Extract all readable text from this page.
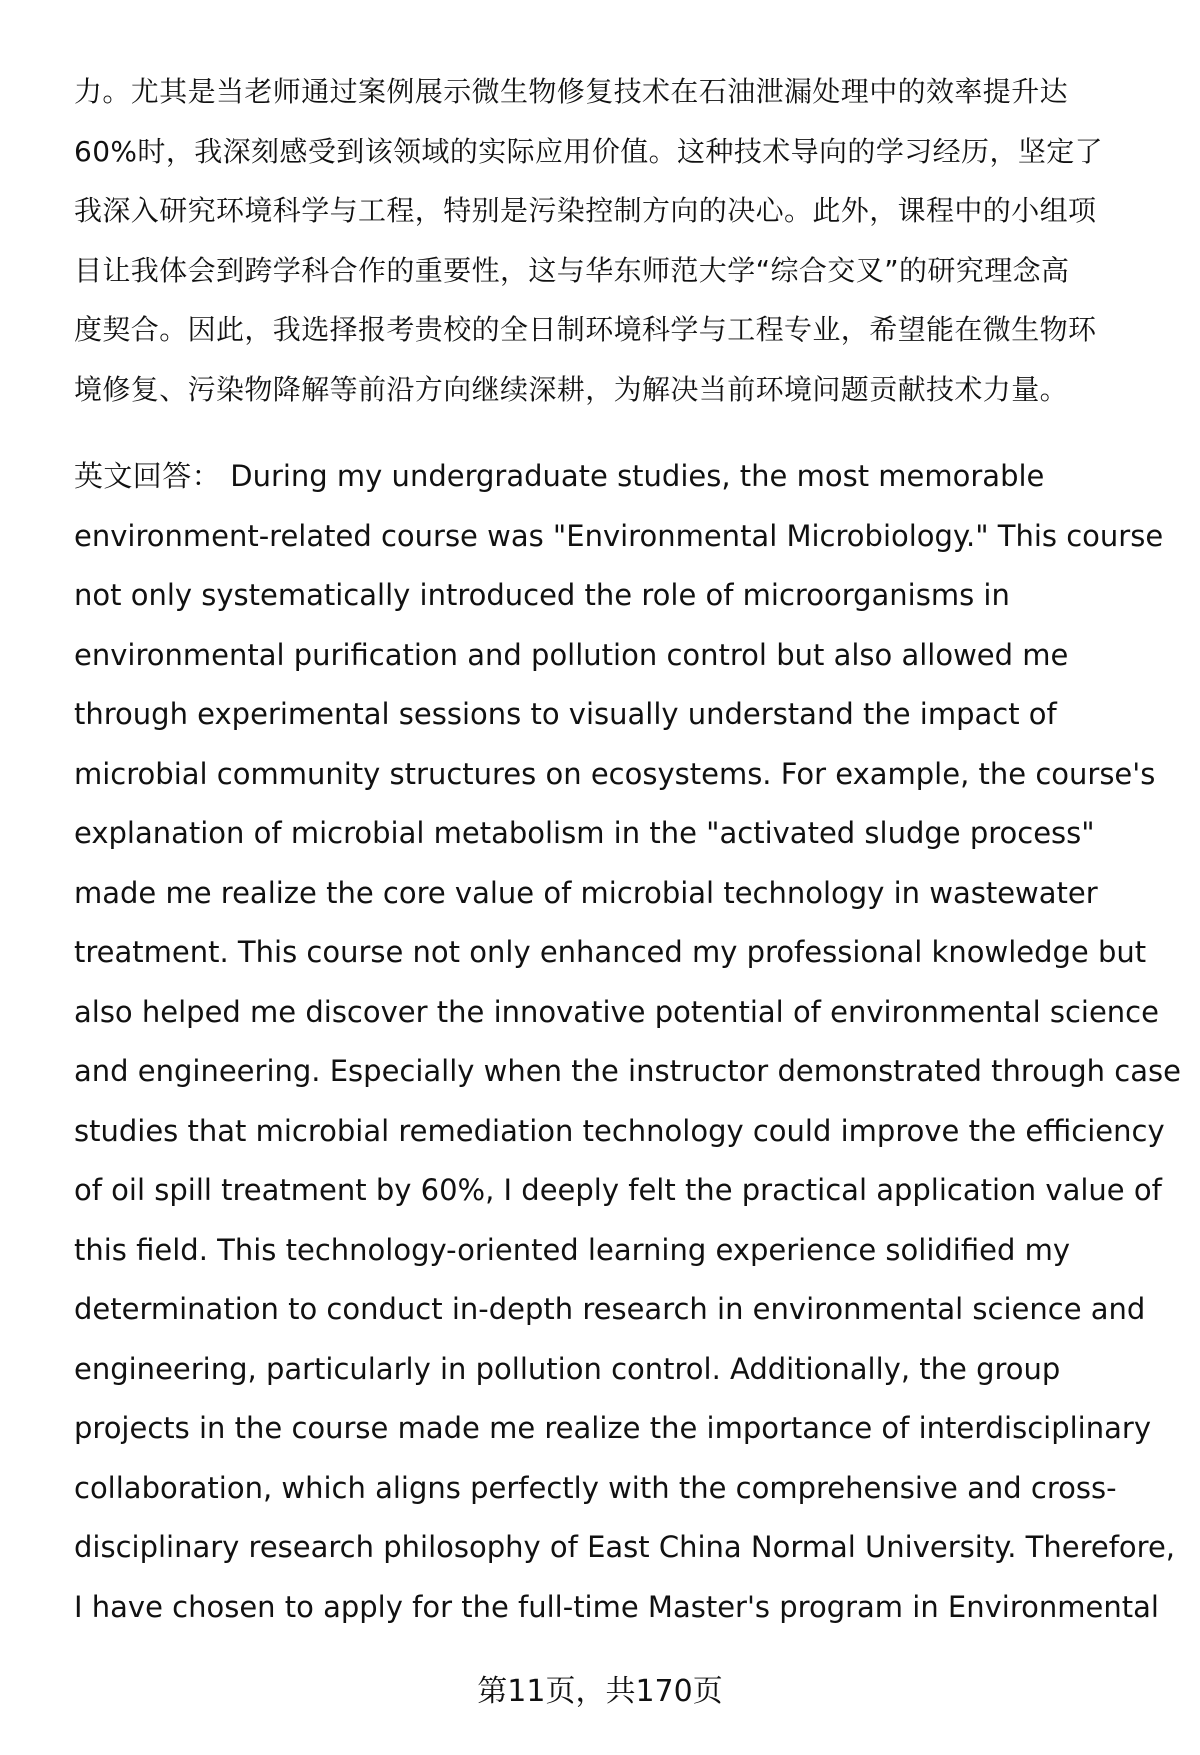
力。尤其是当老师通过案例展示微生物修复技术在石油泄漏处理中的效率提升达
60%时，我深刻感受到该领域的实际应用价值。这种技术导向的学习经历，坚定了
我深入研究环境科学与工程，特别是污染控制方向的决心。此外，课程中的小组项
目让我体会到跨学科合作的重要性，这与华东师范大学“综合交叉”的研究理念高
度契合。因此，我选择报考贵校的全日制环境科学与工程专业，希望能在微生物环
境修复、污染物降解等前沿方向继续深耕，为解决当前环境问题贡献技术力量。

英文回答： During my undergraduate studies, the most memorable
environment-related course was "Environmental Microbiology." This course
not only systematically introduced the role of microorganisms in
environmental purification and pollution control but also allowed me
through experimental sessions to visually understand the impact of
microbial community structures on ecosystems. For example, the course's
explanation of microbial metabolism in the "activated sludge process"
made me realize the core value of microbial technology in wastewater
treatment. This course not only enhanced my professional knowledge but
also helped me discover the innovative potential of environmental science
and engineering. Especially when the instructor demonstrated through case
studies that microbial remediation technology could improve the efficiency
of oil spill treatment by 60%, I deeply felt the practical application value of
this field. This technology-oriented learning experience solidified my
determination to conduct in-depth research in environmental science and
engineering, particularly in pollution control. Additionally, the group
projects in the course made me realize the importance of interdisciplinary
collaboration, which aligns perfectly with the comprehensive and cross-
disciplinary research philosophy of East China Normal University. Therefore,
I have chosen to apply for the full-time Master's program in Environmental

第11页，共170页
